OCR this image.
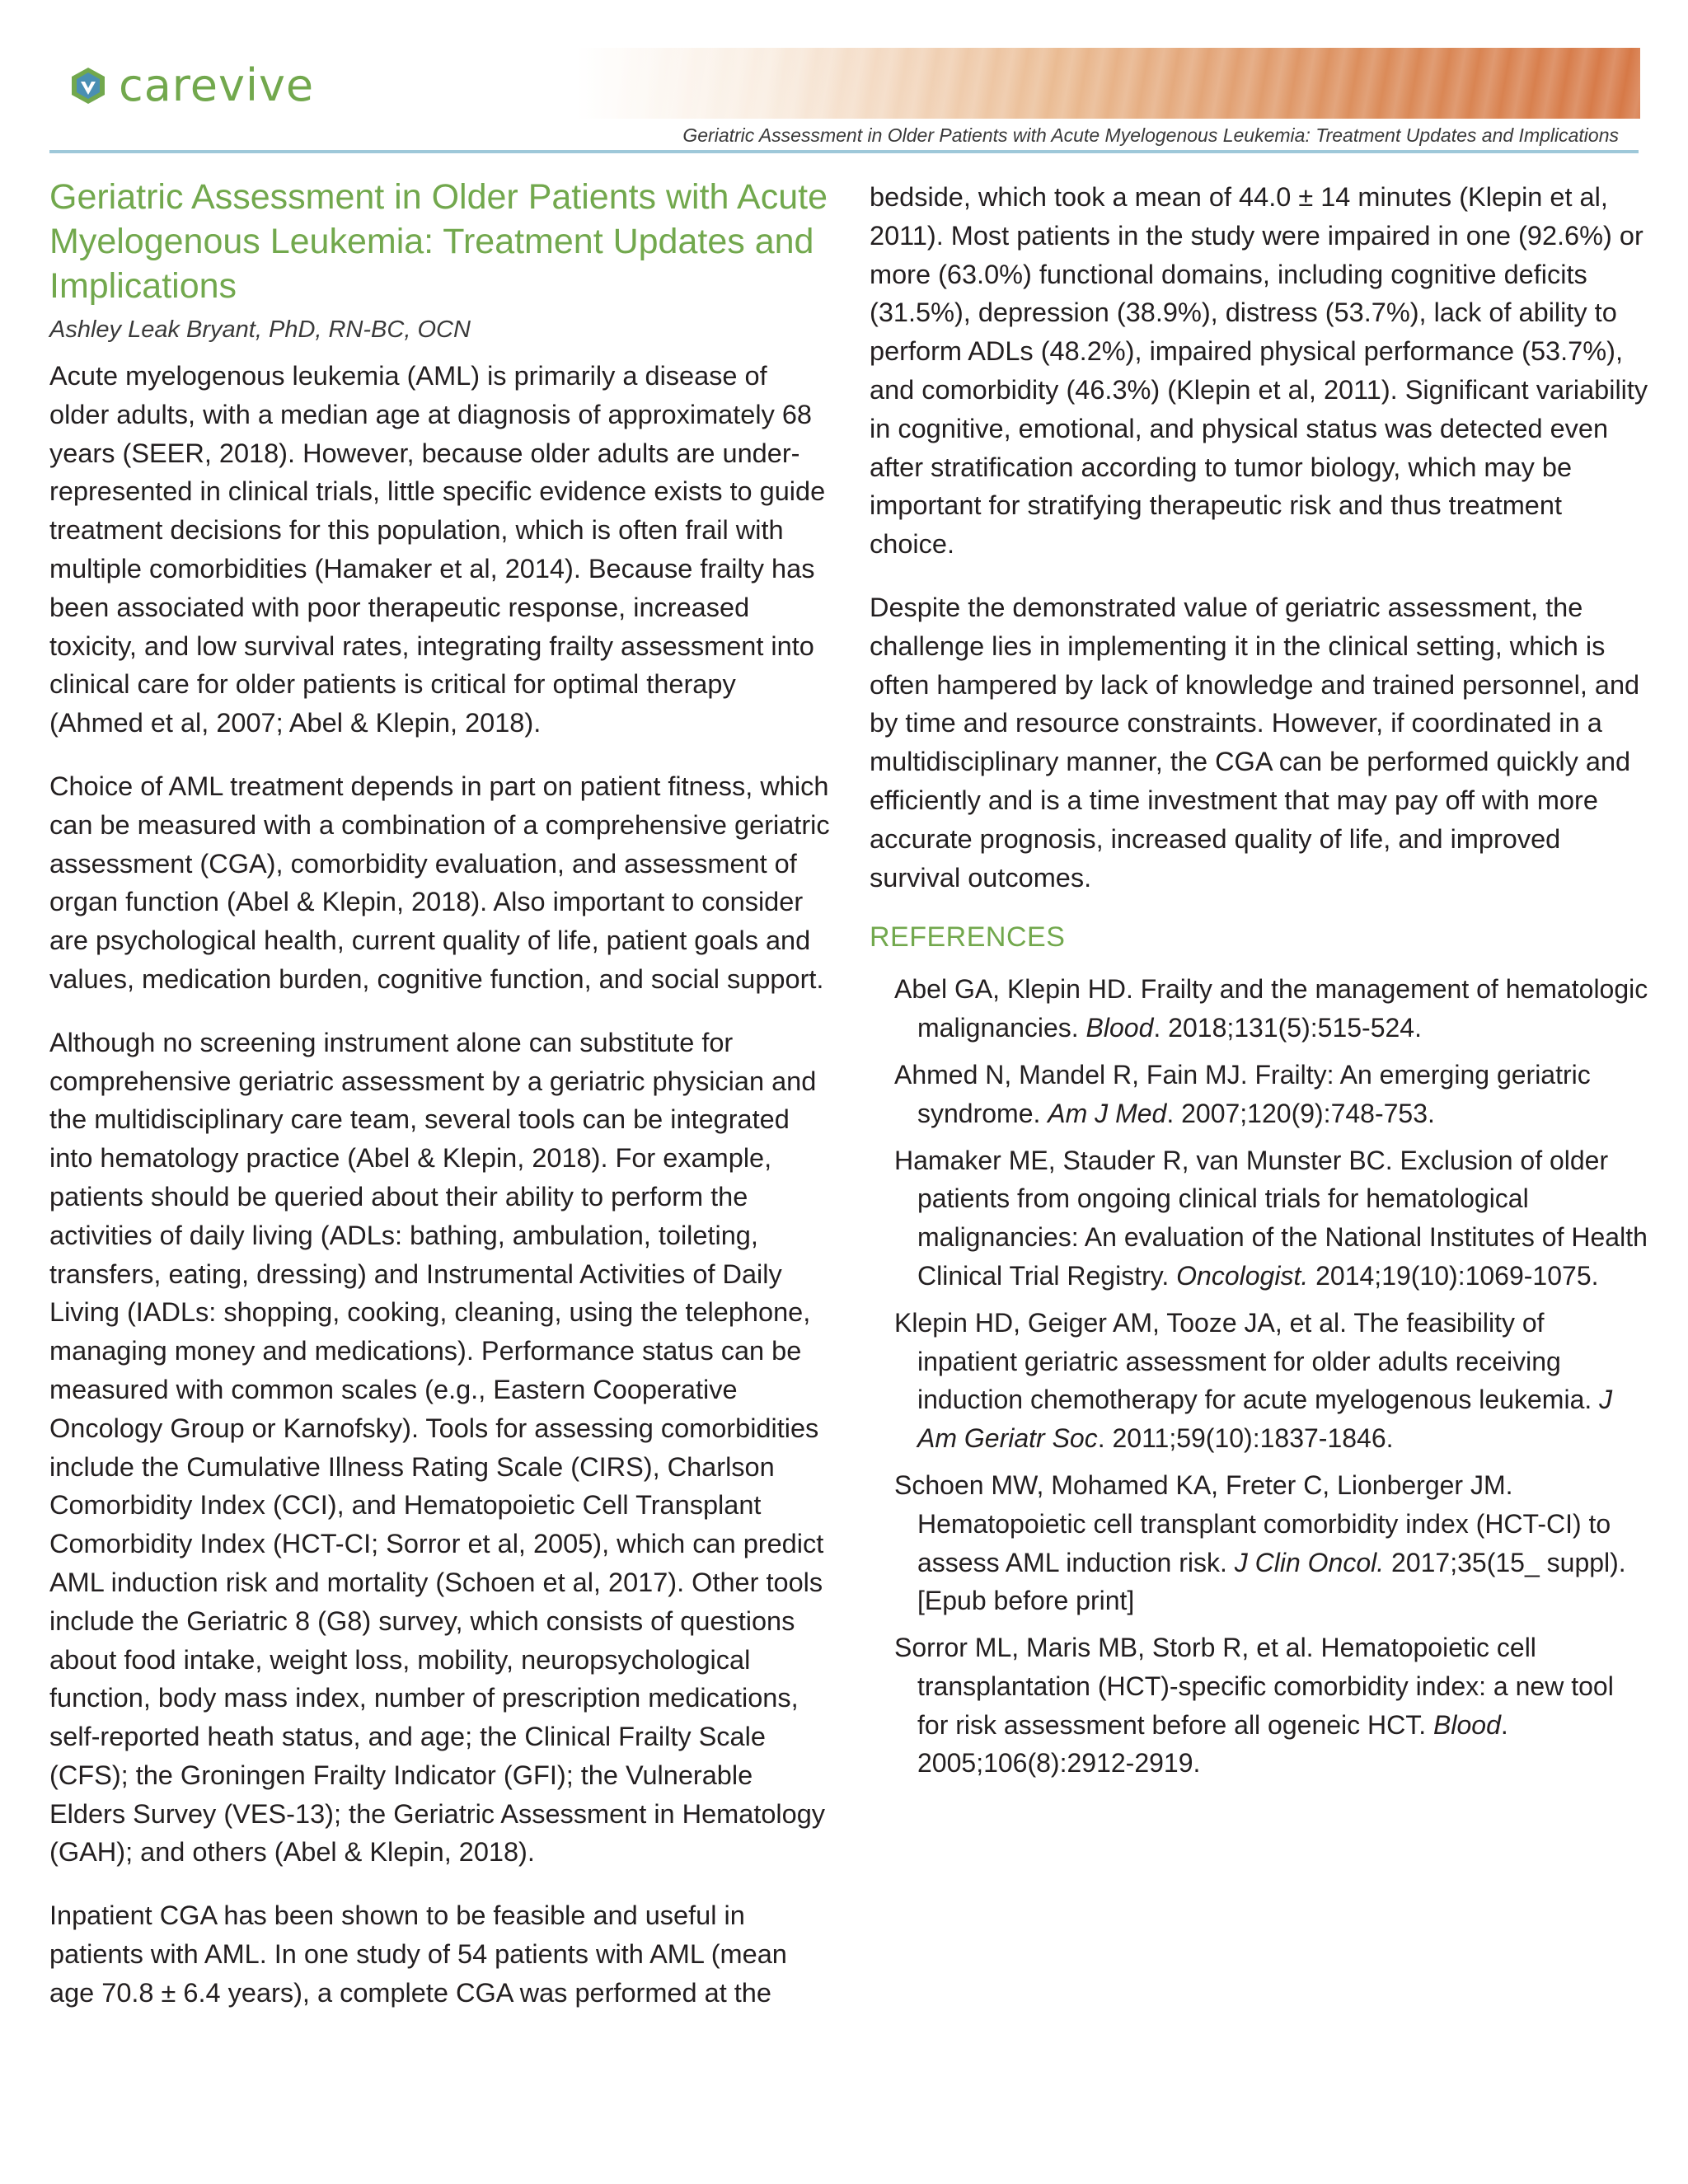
carevive
Geriatric Assessment in Older Patients with Acute Myelogenous Leukemia: Treatment Updates and Implications
Geriatric Assessment in Older Patients with Acute Myelogenous Leukemia: Treatment Updates and Implications
Ashley Leak Bryant, PhD, RN-BC, OCN

Acute myelogenous leukemia (AML) is primarily a disease of older adults, with a median age at diagnosis of approximately 68 years (SEER, 2018). However, because older adults are under-represented in clinical trials, little specific evidence exists to guide treatment decisions for this population, which is often frail with multiple comorbidities (Hamaker et al, 2014). Because frailty has been associated with poor therapeutic response, increased toxicity, and low survival rates, integrating frailty assessment into clinical care for older patients is critical for optimal therapy (Ahmed et al, 2007; Abel & Klepin, 2018).

Choice of AML treatment depends in part on patient fitness, which can be measured with a combination of a comprehensive geriatric assessment (CGA), comorbidity evaluation, and assessment of organ function (Abel & Klepin, 2018). Also important to consider are psychological health, current quality of life, patient goals and values, medication burden, cognitive function, and social support.

Although no screening instrument alone can substitute for comprehensive geriatric assessment by a geriatric physician and the multidisciplinary care team, several tools can be integrated into hematology practice (Abel & Klepin, 2018). For example, patients should be queried about their ability to perform the activities of daily living (ADLs: bathing, ambulation, toileting, transfers, eating, dressing) and Instrumental Activities of Daily Living (IADLs: shopping, cooking, cleaning, using the telephone, managing money and medications). Performance status can be measured with common scales (e.g., Eastern Cooperative Oncology Group or Karnofsky). Tools for assessing comorbidities include the Cumulative Illness Rating Scale (CIRS), Charlson Comorbidity Index (CCI), and Hematopoietic Cell Transplant Comorbidity Index (HCT-CI; Sorror et al, 2005), which can predict AML induction risk and mortality (Schoen et al, 2017). Other tools include the Geriatric 8 (G8) survey, which consists of questions about food intake, weight loss, mobility, neuropsychological function, body mass index, number of prescription medications, self-reported heath status, and age; the Clinical Frailty Scale (CFS); the Groningen Frailty Indicator (GFI); the Vulnerable Elders Survey (VES-13); the Geriatric Assessment in Hematology (GAH); and others (Abel & Klepin, 2018).

Inpatient CGA has been shown to be feasible and useful in patients with AML. In one study of 54 patients with AML (mean age 70.8 ± 6.4 years), a complete CGA was performed at the

bedside, which took a mean of 44.0 ± 14 minutes (Klepin et al, 2011). Most patients in the study were impaired in one (92.6%) or more (63.0%) functional domains, including cognitive deficits (31.5%), depression (38.9%), distress (53.7%), lack of ability to perform ADLs (48.2%), impaired physical performance (53.7%), and comorbidity (46.3%) (Klepin et al, 2011). Significant variability in cognitive, emotional, and physical status was detected even after stratification according to tumor biology, which may be important for stratifying therapeutic risk and thus treatment choice.

Despite the demonstrated value of geriatric assessment, the challenge lies in implementing it in the clinical setting, which is often hampered by lack of knowledge and trained personnel, and by time and resource constraints. However, if coordinated in a multidisciplinary manner, the CGA can be performed quickly and efficiently and is a time investment that may pay off with more accurate prognosis, increased quality of life, and improved survival outcomes.

REFERENCES
Abel GA, Klepin HD. Frailty and the management of hematologic malignancies. Blood. 2018;131(5):515-524.
Ahmed N, Mandel R, Fain MJ. Frailty: An emerging geriatric syndrome. Am J Med. 2007;120(9):748-753.
Hamaker ME, Stauder R, van Munster BC. Exclusion of older patients from ongoing clinical trials for hematological malignancies: An evaluation of the National Institutes of Health Clinical Trial Registry. Oncologist. 2014;19(10):1069-1075.
Klepin HD, Geiger AM, Tooze JA, et al. The feasibility of inpatient geriatric assessment for older adults receiving induction chemotherapy for acute myelogenous leukemia. J Am Geriatr Soc. 2011;59(10):1837-1846.
Schoen MW, Mohamed KA, Freter C, Lionberger JM. Hematopoietic cell transplant comorbidity index (HCT-CI) to assess AML induction risk. J Clin Oncol. 2017;35(15_ suppl). [Epub before print]
Sorror ML, Maris MB, Storb R, et al. Hematopoietic cell transplantation (HCT)-specific comorbidity index: a new tool for risk assessment before all ogeneic HCT. Blood. 2005;106(8):2912-2919.
